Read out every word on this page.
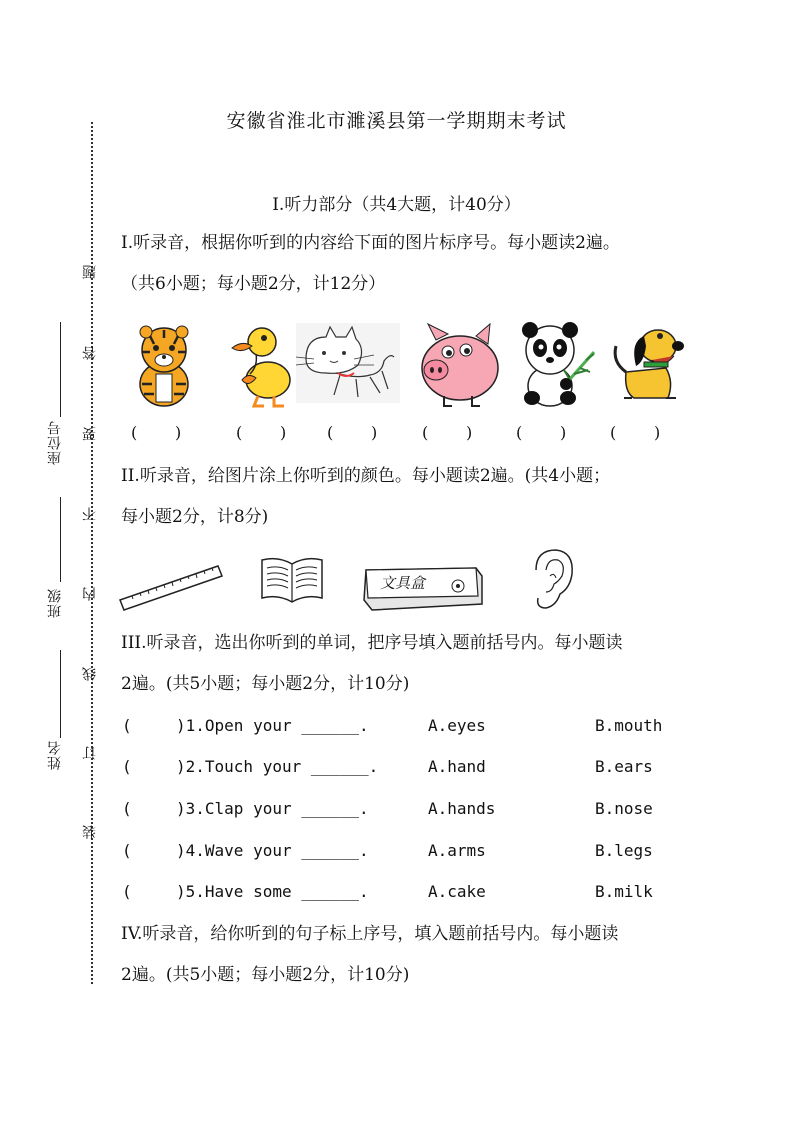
题
答
要
不
内
线
订
装
座位号
班级
姓名
安徽省淮北市濉溪县第一学期期末考试
I.听力部分（共4大题，计40分）
I.听录音，根据你听到的内容给下面的图片标序号。每小题读2遍。
（共6小题；每小题2分，计12分）
( )	( )	( )	( )	( )	( )
II.听录音，给图片涂上你听到的颜色。每小题读2遍。(共4小题；
每小题2分，计8分)
文具盒
III.听录音，选出你听到的单词，把序号填入题前括号内。每小题读
2遍。(共5小题；每小题2分，计10分)
(	)1.Open your ______.	A.eyes	B.mouth
(	)2.Touch your ______.	A.hand	B.ears
(	)3.Clap your ______.	A.hands	B.nose
(	)4.Wave your ______.	A.arms	B.legs
(	)5.Have some ______.	A.cake	B.milk
IV.听录音，给你听到的句子标上序号，填入题前括号内。每小题读
2遍。(共5小题；每小题2分，计10分)
